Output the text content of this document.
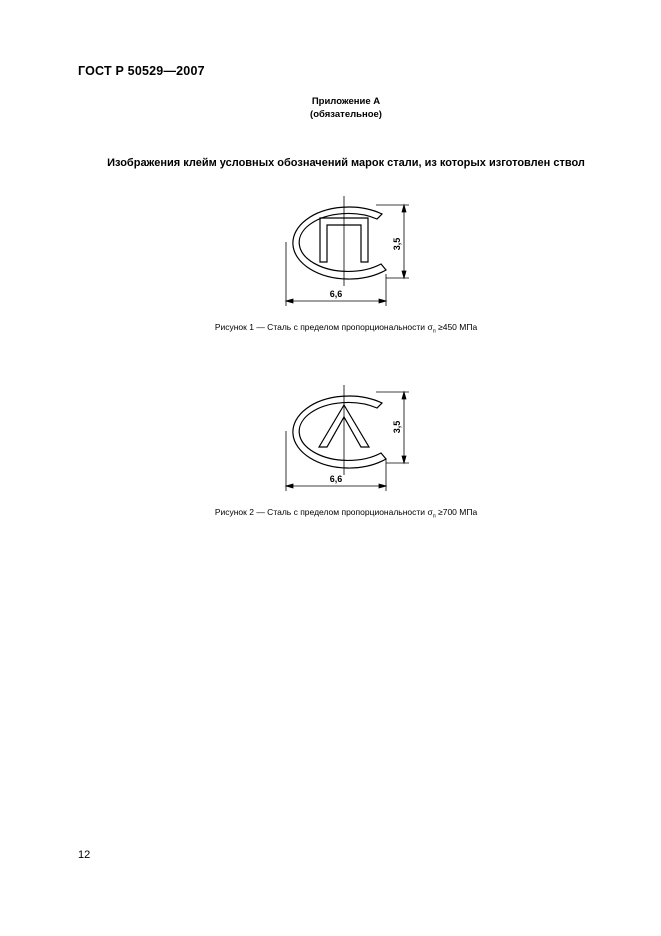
ГОСТ Р 50529—2007
Приложение А
(обязательное)
Изображения клейм условных обозначений марок стали, из которых изготовлен ствол
3,5
6,6
Рисунок 1 — Сталь с пределом пропорциональности $\sigma_п \ge 450$ МПа
3,5
6,6
Рисунок 2 — Сталь с пределом пропорциональности $\sigma_п \ge 700$ МПа
12
